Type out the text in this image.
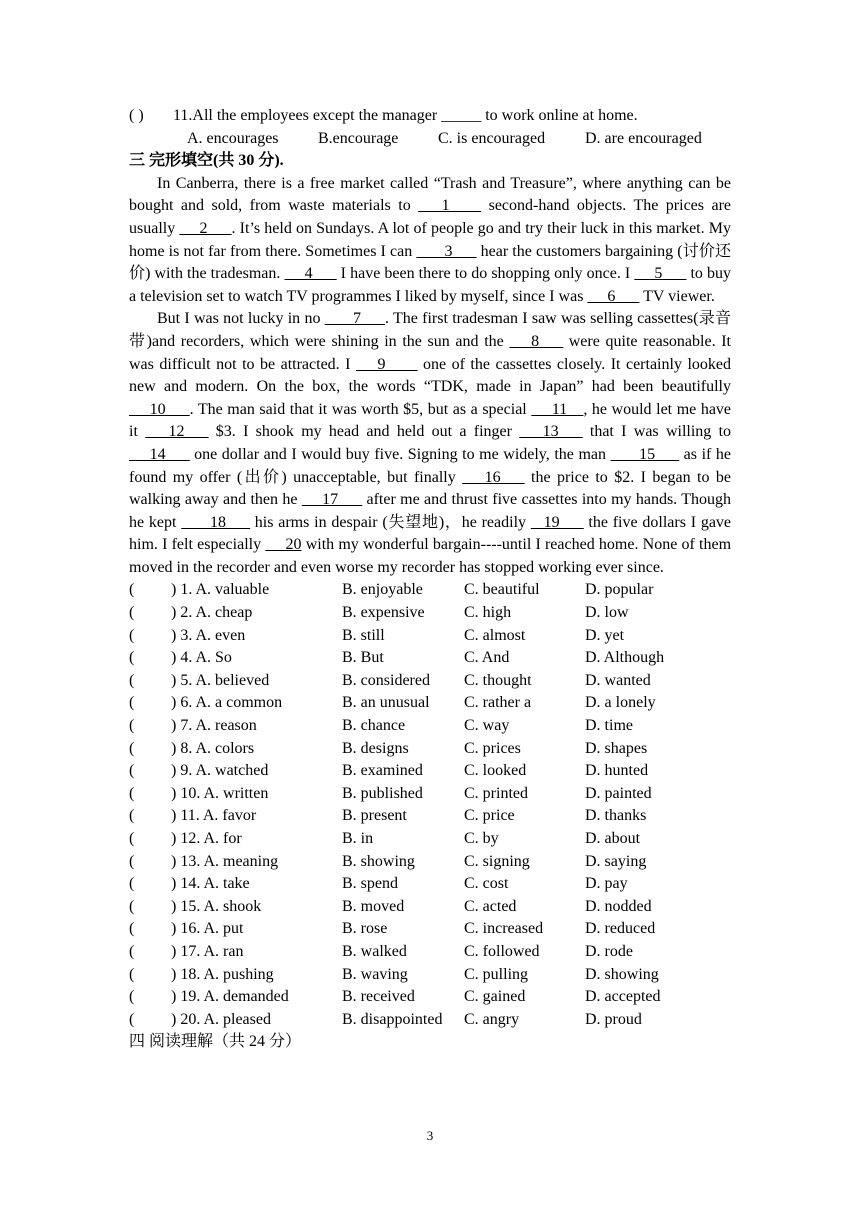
( ) 11.All the employees except the manager _____ to work online at home.
A. encourages B.encourage C. is encouraged D. are encouraged
三 完形填空(共 30 分).

In Canberra, there is a free market called “Trash and Treasure”, where anything can be bought and sold, from waste materials to  __1___  second-hand objects. The prices are usually  __2___. It’s held on Sundays. A lot of people go and try their luck in this market. My home is not far from there. Sometimes I can  ___3___ hear the customers bargaining (讨价还价) with the tradesman.  __4___ I have been there to do shopping only once. I  __5___ to buy a television set to watch TV programmes I liked by myself, since I was  __6___ TV viewer.

But I was not lucky in no  ___7___. The first tradesman I saw was selling cassettes(录音带)and recorders, which were shining in the sun and the  __8___ were quite reasonable. It was difficult not to be attracted. I  __9____ one of the cassettes closely. It certainly looked new and modern. On the box, the words “TDK, made in Japan” had been beautifully  __10___. The man said that it was worth $5, but as a special  __11__, he would let me have it  __12___ $3. I shook my head and held out a finger  __13___ that I was willing to  __14___ one dollar and I would buy five. Signing to me widely, the man  ___15___ as if he found my offer (出价) unacceptable, but finally  __16___ the price to $2. I began to be walking away and then he  __17___ after me and thrust five cassettes into my hands. Though he kept  ___18___ his arms in despair (失望地)，he readily  _19___ the five dollars I gave him. I felt especially  __20 with my wonderful bargain----until I reached home. None of them moved in the recorder and even worse my recorder has stopped working ever since.

(	) 1. A. valuable	B. enjoyable	C. beautiful	D. popular
(	) 2. A. cheap	B. expensive	C. high	D. low
(	) 3. A. even	B. still	C. almost	D. yet
(	) 4. A. So	B. But	C. And	D. Although
(	) 5. A. believed	B. considered	C. thought	D. wanted
(	) 6. A. a common	B. an unusual	C. rather a	D. a lonely
(	) 7. A. reason	B. chance	C. way	D. time
(	) 8. A. colors	B. designs	C. prices	D. shapes
(	) 9. A. watched	B. examined	C. looked	D. hunted
(	) 10. A. written	B. published	C. printed	D. painted
(	) 11. A. favor	B. present	C. price	D. thanks
(	) 12. A. for	B. in	C. by	D. about
(	) 13. A. meaning	B. showing	C. signing	D. saying
(	) 14. A. take	B. spend	C. cost	D. pay
(	) 15. A. shook	B. moved	C. acted	D. nodded
(	) 16. A. put	B. rose	C. increased	D. reduced
(	) 17. A. ran	B. walked	C. followed	D. rode
(	) 18. A. pushing	B. waving	C. pulling	D. showing
(	) 19. A. demanded	B. received	C. gained	D. accepted
(	) 20. A. pleased	B. disappointed	C. angry	D. proud
四 阅读理解（共 24 分）
3
